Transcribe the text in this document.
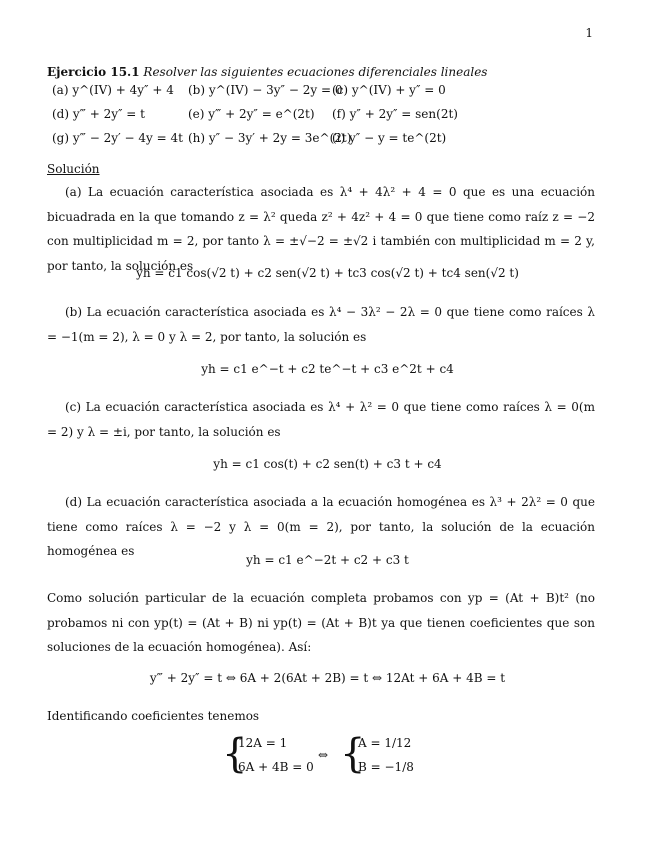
1
Ejercicio 15.1 Resolver las siguientes ecuaciones diferenciales lineales
(a) y^(IV) + 4y″ + 4 (b) y^(IV) − 3y″ − 2y = 0
(c) y^(IV) + y″ = 0
(d) y‴ + 2y″ = t	(e) y‴ + 2y″ = e^(2t) (f) y″ + 2y″ = sen(2t)
(g) y‴ − 2y′ − 4y = 4t (h) y″ − 3y′ + 2y = 3e^(2t)
(i) y″ − y = te^(2t)
Solución
(a) La ecuación característica asociada es λ⁴ + 4λ² + 4 = 0 que es una ecuación bicuadrada en la que tomando z = λ² queda z² + 4z² + 4 = 0 que tiene como raíz z = −2 con multiplicidad m = 2, por tanto λ = ±√−2 = ±√2 i también con multiplicidad m = 2 y, por tanto, la solución es
yh = c1 cos(√2 t) + c2 sen(√2 t) + tc3 cos(√2 t) + tc4 sen(√2 t)
(b) La ecuación característica asociada es λ⁴ − 3λ² − 2λ = 0 que tiene como raíces λ = −1(m = 2), λ = 0 y λ = 2, por tanto, la solución es
yh = c1 e^−t + c2 te^−t + c3 e^2t + c4
(c) La ecuación característica asociada es λ⁴ + λ² = 0 que tiene como raíces λ = 0(m = 2) y λ = ±i, por tanto, la solución es
yh = c1 cos(t) + c2 sen(t) + c3 t + c4
(d) La ecuación característica asociada a la ecuación homogénea es λ³ + 2λ² = 0 que tiene como raíces λ = −2 y λ = 0(m = 2), por tanto, la solución de la ecuación homogénea es
yh = c1 e^−2t + c2 + c3 t
Como solución particular de la ecuación completa probamos con yp = (At + B)t² (no probamos ni con yp(t) = (At + B) ni yp(t) = (At + B)t ya que tienen coeficientes que son soluciones de la ecuación homogénea). Así:
y‴ + 2y″ = t ⇔ 6A + 2(6At + 2B) = t ⇔ 12At + 6A + 4B = t
Identificando coeficientes tenemos
{
12A = 1
6A + 4B = 0
⇔ {
A = 1/12
B = −1/8
